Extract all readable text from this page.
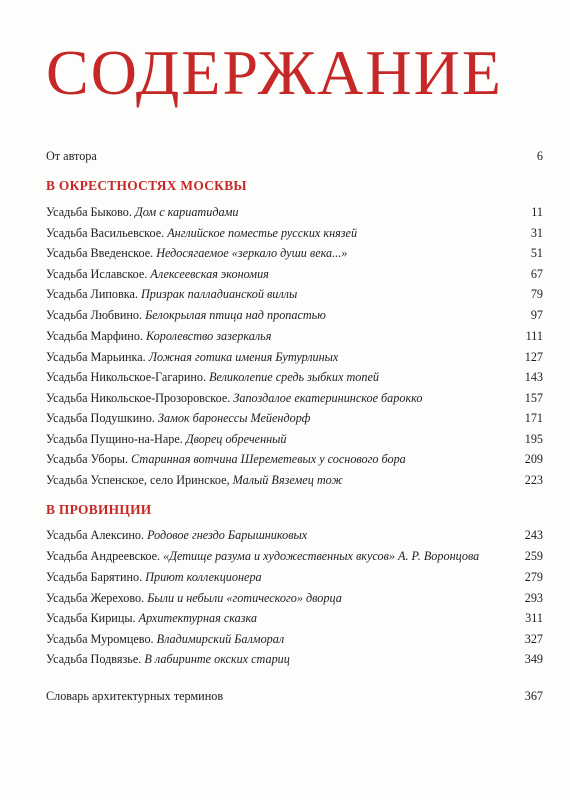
СОДЕРЖАНИЕ
От автора	6
В ОКРЕСТНОСТЯХ МОСКВЫ
Усадьба Быково. Дом с кариатидами	11
Усадьба Васильевское. Английское поместье русских князей	31
Усадьба Введенское. Недосягаемое «зеркало души века...»	51
Усадьба Иславское. Алексеевская экономия	67
Усадьба Липовка. Призрак палладианской виллы	79
Усадьба Любвино. Белокрылая птица над пропастью	97
Усадьба Марфино. Королевство зазеркалья	111
Усадьба Марьинка. Ложная готика имения Бутурлиных	127
Усадьба Никольское-Гагарино. Великолепие средь зыбких топей	143
Усадьба Никольское-Прозоровское. Запоздалое екатерининское барокко	157
Усадьба Подушкино. Замок баронессы Мейендорф	171
Усадьба Пущино-на-Наре. Дворец обреченный	195
Усадьба Уборы. Старинная вотчина Шереметевых у соснового бора	209
Усадьба Успенское, село Иринское, Малый Вяземец тож	223
В ПРОВИНЦИИ
Усадьба Алексино. Родовое гнездо Барышниковых	243
Усадьба Андреевское. «Детище разума и художественных вкусов» А. Р. Воронцова	259
Усадьба Барятино. Приют коллекционера	279
Усадьба Жерехово. Были и небыли «готического» дворца	293
Усадьба Кирицы. Архитектурная сказка	311
Усадьба Муромцево. Владимирский Балморал	327
Усадьба Подвязье. В лабиринте окских стариц	349
Словарь архитектурных терминов	367
